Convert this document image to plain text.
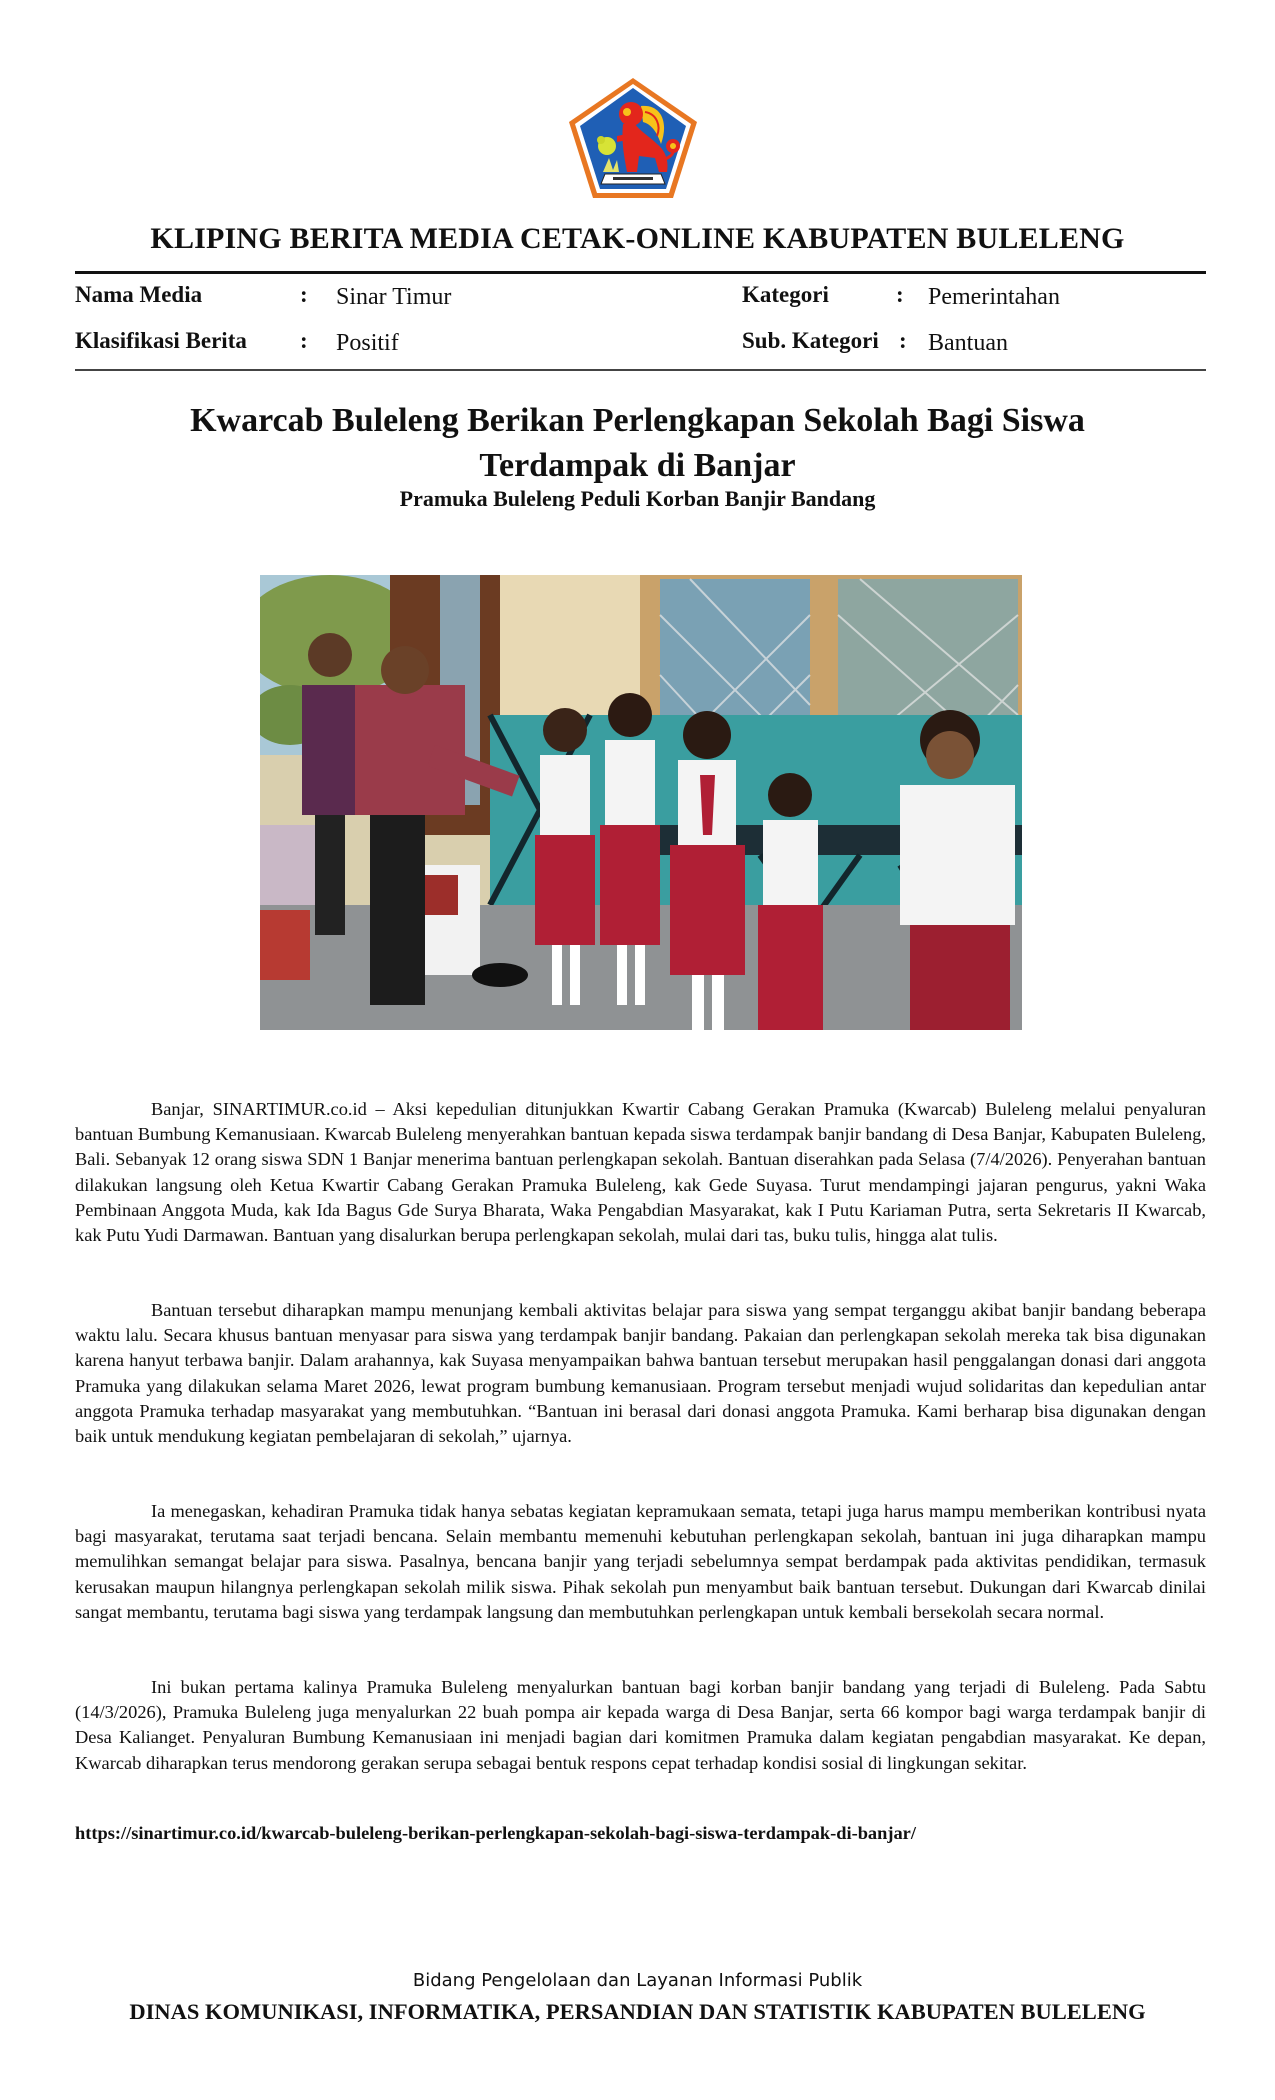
KLIPING BERITA MEDIA CETAK-ONLINE KABUPATEN BULELENG
Nama Media	: Sinar Timur
Klasifikasi Berita : Positif
Kategori	: Pemerintahan
Sub. Kategori : Bantuan
Kwarcab Buleleng Berikan Perlengkapan Sekolah Bagi Siswa
Terdampak di Banjar
Pramuka Buleleng Peduli Korban Banjir Bandang

Banjar, SINARTIMUR.co.id – Aksi kepedulian ditunjukkan Kwartir Cabang Gerakan Pramuka (Kwarcab) Buleleng melalui penyaluran bantuan Bumbung Kemanusiaan. Kwarcab Buleleng menyerahkan bantuan kepada siswa terdampak banjir bandang di Desa Banjar, Kabupaten Buleleng, Bali. Sebanyak 12 orang siswa SDN 1 Banjar menerima bantuan perlengkapan sekolah. Bantuan diserahkan pada Selasa (7/4/2026). Penyerahan bantuan dilakukan langsung oleh Ketua Kwartir Cabang Gerakan Pramuka Buleleng, kak Gede Suyasa. Turut mendampingi jajaran pengurus, yakni Waka Pembinaan Anggota Muda, kak Ida Bagus Gde Surya Bharata, Waka Pengabdian Masyarakat, kak I Putu Kariaman Putra, serta Sekretaris II Kwarcab, kak Putu Yudi Darmawan. Bantuan yang disalurkan berupa perlengkapan sekolah, mulai dari tas, buku tulis, hingga alat tulis.

Bantuan tersebut diharapkan mampu menunjang kembali aktivitas belajar para siswa yang sempat terganggu akibat banjir bandang beberapa waktu lalu. Secara khusus bantuan menyasar para siswa yang terdampak banjir bandang. Pakaian dan perlengkapan sekolah mereka tak bisa digunakan karena hanyut terbawa banjir. Dalam arahannya, kak Suyasa menyampaikan bahwa bantuan tersebut merupakan hasil penggalangan donasi dari anggota Pramuka yang dilakukan selama Maret 2026, lewat program bumbung kemanusiaan. Program tersebut menjadi wujud solidaritas dan kepedulian antar anggota Pramuka terhadap masyarakat yang membutuhkan. “Bantuan ini berasal dari donasi anggota Pramuka. Kami berharap bisa digunakan dengan baik untuk mendukung kegiatan pembelajaran di sekolah,” ujarnya.

Ia menegaskan, kehadiran Pramuka tidak hanya sebatas kegiatan kepramukaan semata, tetapi juga harus mampu memberikan kontribusi nyata bagi masyarakat, terutama saat terjadi bencana. Selain membantu memenuhi kebutuhan perlengkapan sekolah, bantuan ini juga diharapkan mampu memulihkan semangat belajar para siswa. Pasalnya, bencana banjir yang terjadi sebelumnya sempat berdampak pada aktivitas pendidikan, termasuk kerusakan maupun hilangnya perlengkapan sekolah milik siswa. Pihak sekolah pun menyambut baik bantuan tersebut. Dukungan dari Kwarcab dinilai sangat membantu, terutama bagi siswa yang terdampak langsung dan membutuhkan perlengkapan untuk kembali bersekolah secara normal.

Ini bukan pertama kalinya Pramuka Buleleng menyalurkan bantuan bagi korban banjir bandang yang terjadi di Buleleng. Pada Sabtu (14/3/2026), Pramuka Buleleng juga menyalurkan 22 buah pompa air kepada warga di Desa Banjar, serta 66 kompor bagi warga terdampak banjir di Desa Kalianget. Penyaluran Bumbung Kemanusiaan ini menjadi bagian dari komitmen Pramuka dalam kegiatan pengabdian masyarakat. Ke depan, Kwarcab diharapkan terus mendorong gerakan serupa sebagai bentuk respons cepat terhadap kondisi sosial di lingkungan sekitar.

https://sinartimur.co.id/kwarcab-buleleng-berikan-perlengkapan-sekolah-bagi-siswa-terdampak-di-banjar/
Bidang Pengelolaan dan Layanan Informasi Publik
DINAS KOMUNIKASI, INFORMATIKA, PERSANDIAN DAN STATISTIK KABUPATEN BULELENG
